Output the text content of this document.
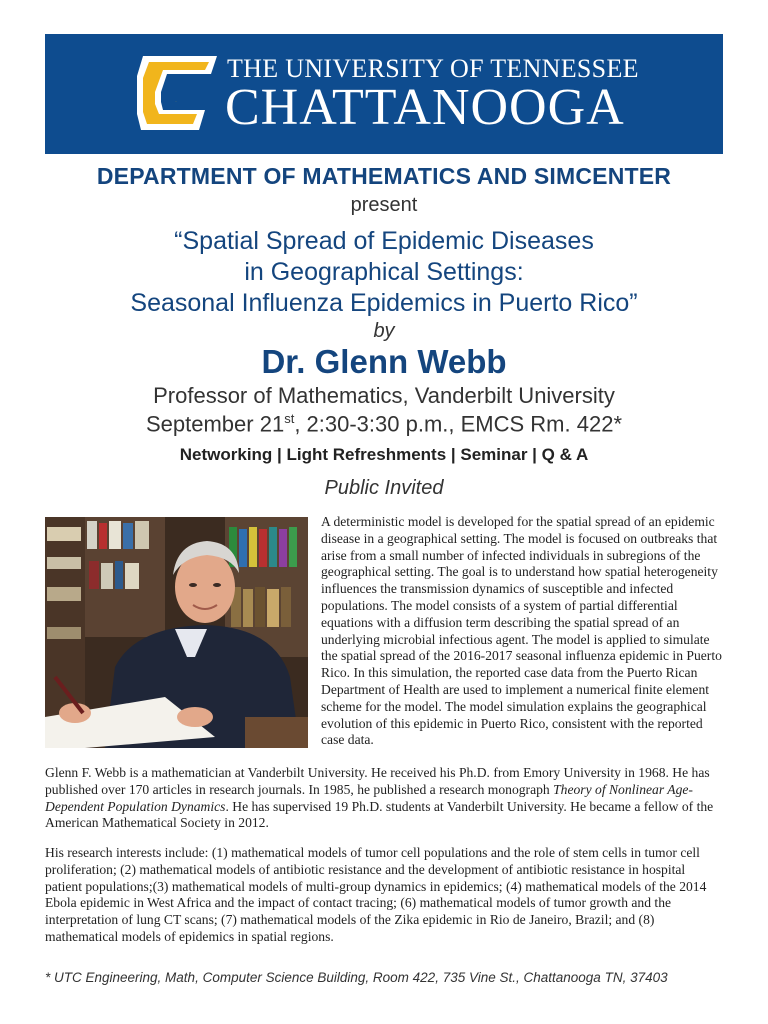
C
THE UNIVERSITY OF TENNESSEE
CHATTANOOGA
DEPARTMENT OF MATHEMATICS AND SIMCENTER
present
“Spatial Spread of Epidemic Diseases
in Geographical Settings:
Seasonal Influenza Epidemics in Puerto Rico”
by
Dr. Glenn Webb
Professor of Mathematics, Vanderbilt University
September 21st, 2:30-3:30 p.m., EMCS Rm. 422*
Networking | Light Refreshments | Seminar | Q & A
Public Invited
A deterministic model is developed for the spatial spread of an epidemic disease in a geographical setting. The model is focused on outbreaks that arise from a small number of infected individuals in subregions of the geographical setting. The goal is to understand how spatial heterogeneity influences the transmission dynamics of susceptible and infected populations. The model consists of a system of partial differential equations with a diffusion term describing the spatial spread of an underlying microbial infectious agent. The model is applied to simulate the spatial spread of the 2016-2017 seasonal influenza epidemic in Puerto Rico. In this simulation, the reported case data from the Puerto Rican Department of Health are used to implement a numerical finite element scheme for the model. The model simulation explains the geographical evolution of this epidemic in Puerto Rico, consistent with the reported case data.
Glenn F. Webb is a mathematician at Vanderbilt University. He received his Ph.D. from Emory University in 1968. He has published over 170 articles in research journals. In 1985, he published a research monograph Theory of Nonlinear Age-Dependent Population Dynamics. He has supervised 19 Ph.D. students at Vanderbilt University. He became a fellow of the American Mathematical Society in 2012.
His research interests include: (1) mathematical models of tumor cell populations and the role of stem cells in tumor cell proliferation; (2) mathematical models of antibiotic resistance and the development of antibiotic resistance in hospital patient populations;(3) mathematical models of multi-group dynamics in epidemics; (4) mathematical models of the 2014 Ebola epidemic in West Africa and the impact of contact tracing; (6) mathematical models of tumor growth and the interpretation of lung CT scans; (7) mathematical models of the Zika epidemic in Rio de Janeiro, Brazil; and (8) mathematical models of epidemics in spatial regions.
* UTC Engineering, Math, Computer Science Building, Room 422, 735 Vine St., Chattanooga TN, 37403
